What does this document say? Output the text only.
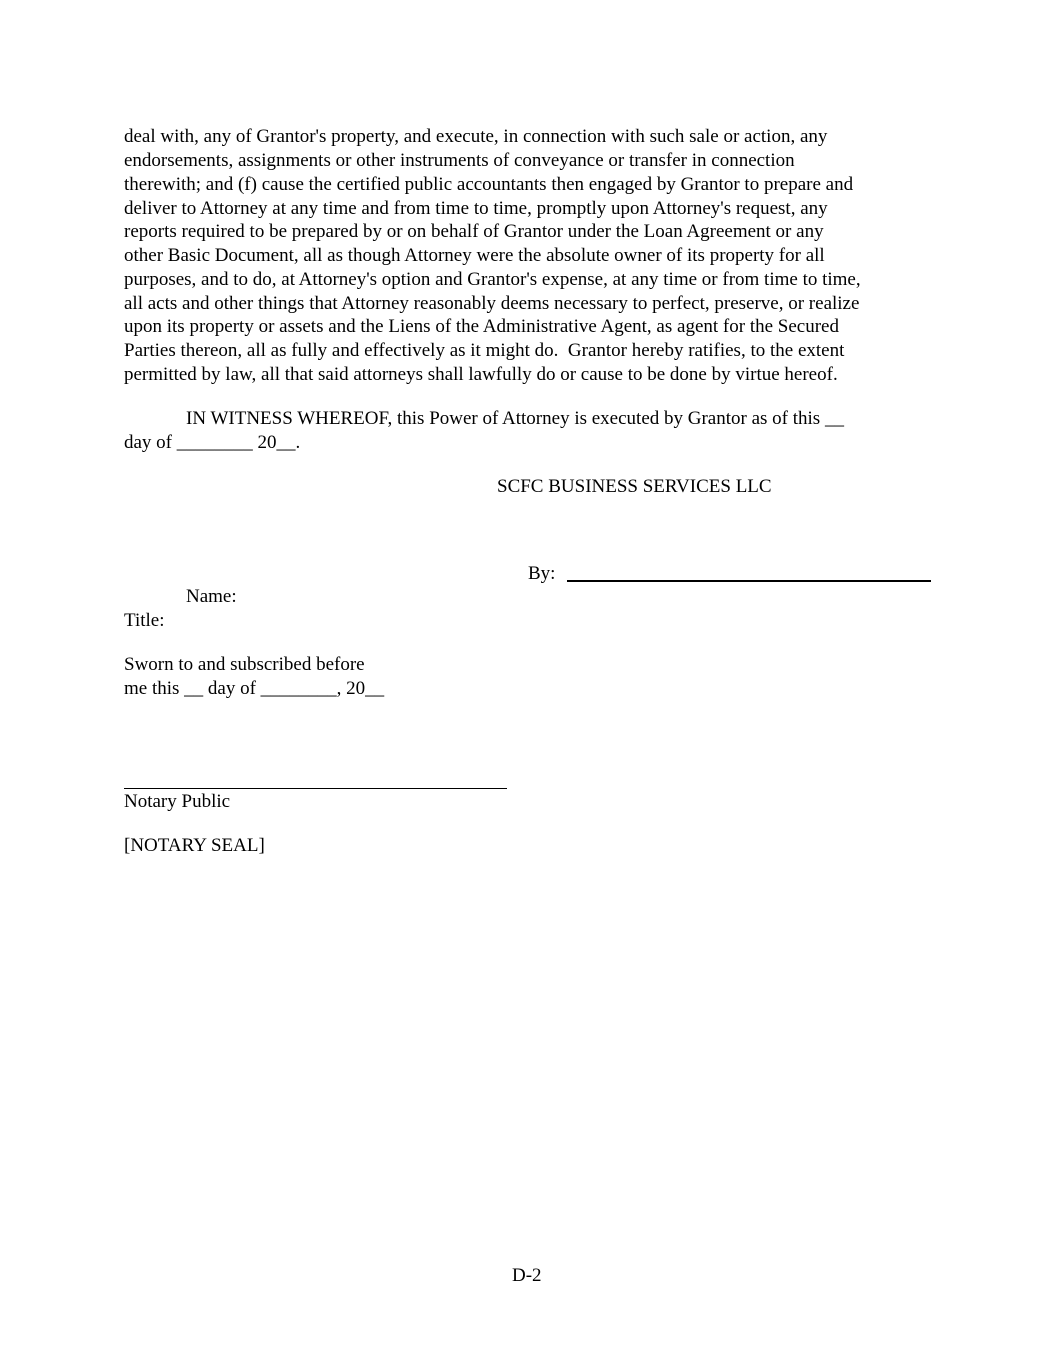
deal with, any of Grantor's property, and execute, in connection with such sale or action, any
endorsements, assignments or other instruments of conveyance or transfer in connection
therewith; and (f) cause the certified public accountants then engaged by Grantor to prepare and
deliver to Attorney at any time and from time to time, promptly upon Attorney's request, any
reports required to be prepared by or on behalf of Grantor under the Loan Agreement or any
other Basic Document, all as though Attorney were the absolute owner of its property for all
purposes, and to do, at Attorney's option and Grantor's expense, at any time or from time to time,
all acts and other things that Attorney reasonably deems necessary to perfect, preserve, or realize
upon its property or assets and the Liens of the Administrative Agent, as agent for the Secured
Parties thereon, all as fully and effectively as it might do.  Grantor hereby ratifies, to the extent
permitted by law, all that said attorneys shall lawfully do or cause to be done by virtue hereof.
IN WITNESS WHEREOF, this Power of Attorney is executed by Grantor as of this __
day of ________ 20__.
SCFC BUSINESS SERVICES LLC
By:
Name:
Title:
Sworn to and subscribed before
me this __ day of ________, 20__
Notary Public
[NOTARY SEAL]
D-2
